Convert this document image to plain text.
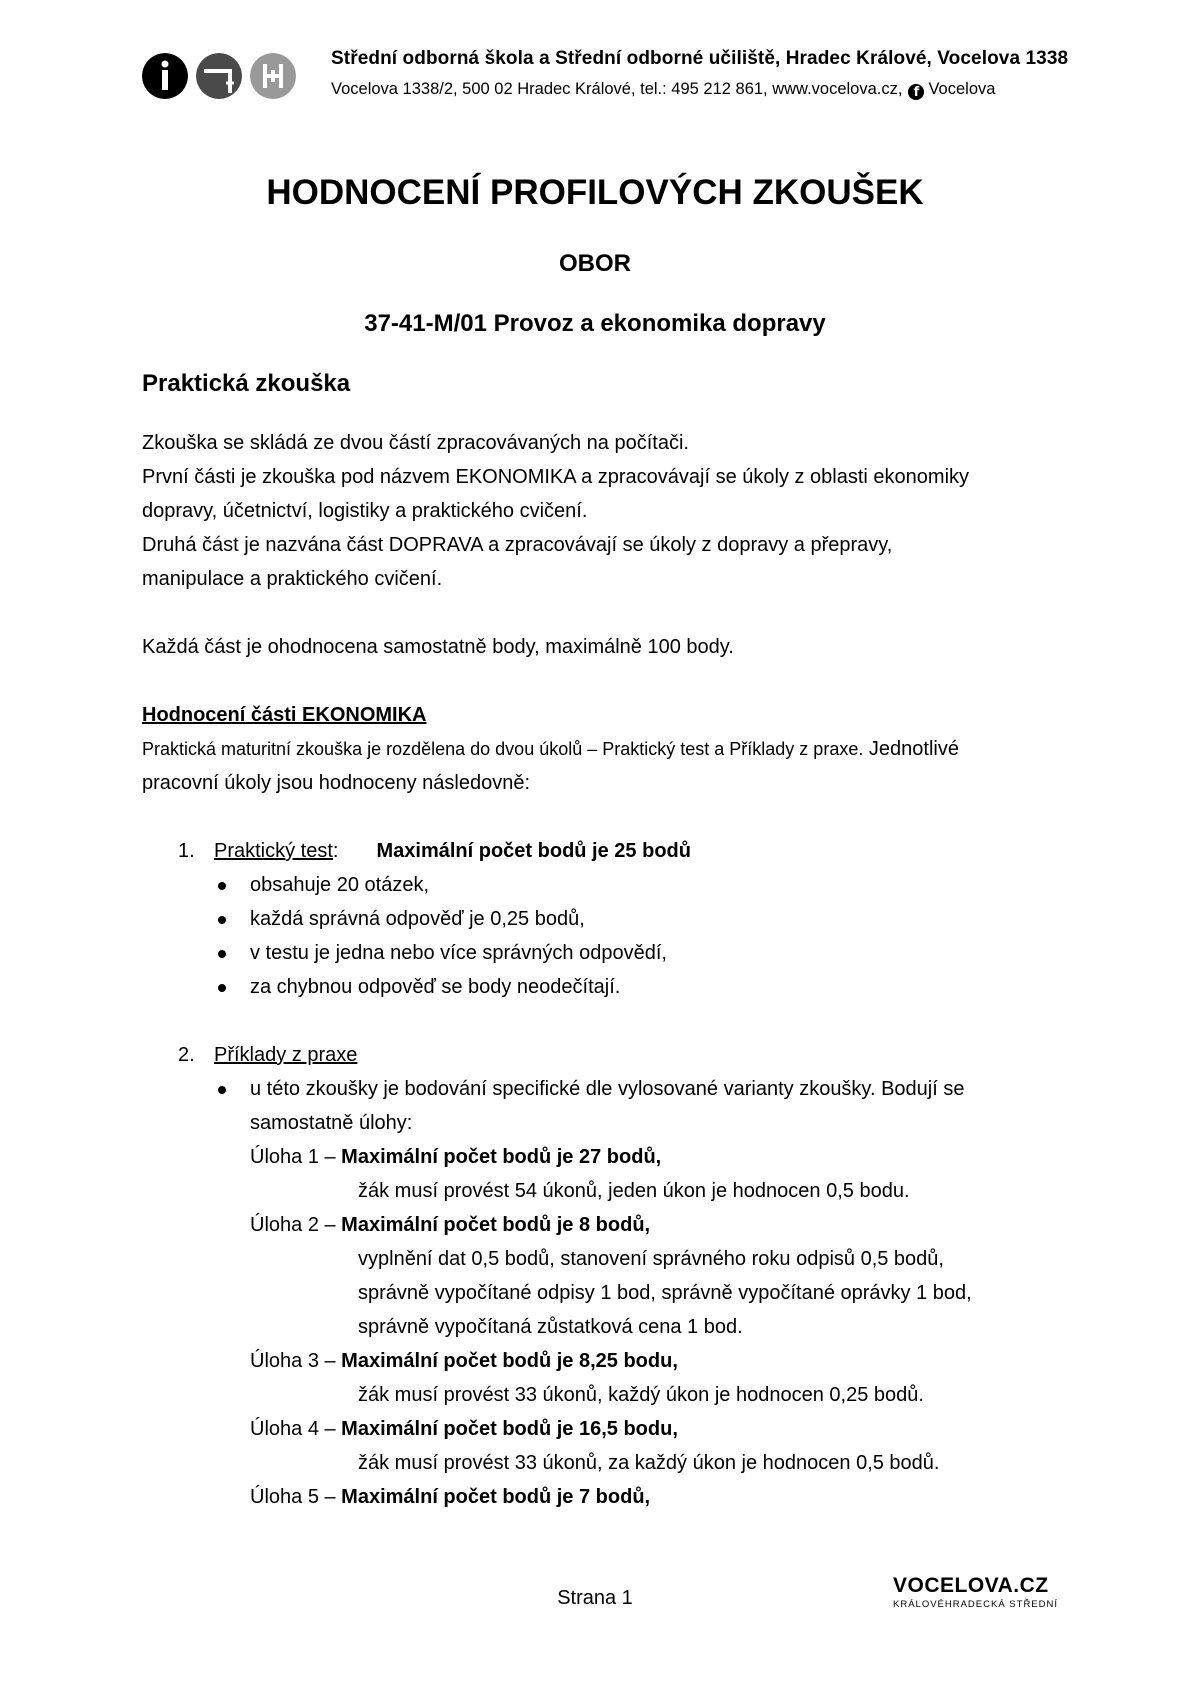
Střední odborná škola a Střední odborné učiliště, Hradec Králové, Vocelova 1338
Vocelova 1338/2, 500 02 Hradec Králové, tel.: 495 212 861, www.vocelova.cz, f Vocelova
HODNOCENÍ PROFILOVÝCH ZKOUŠEK
OBOR
37-41-M/01 Provoz a ekonomika dopravy
Praktická zkouška

Zkouška se skládá ze dvou částí zpracovávaných na počítači.

První části je zkouška pod názvem EKONOMIKA a zpracovávají se úkoly z oblasti ekonomiky

dopravy, účetnictví, logistiky a praktického cvičení.

Druhá část je nazvána část DOPRAVA a zpracovávají se úkoly z dopravy a přepravy,

manipulace a praktického cvičení.

Každá část je ohodnocena samostatně body, maximálně 100 body.

Hodnocení části EKONOMIKA

Praktická maturitní zkouška je rozdělena do dvou úkolů – Praktický test a Příklady z praxe. Jednotlivé

pracovní úkoly jsou hodnoceny následovně:

1. Praktický test: Maximální počet bodů je 25 bodů
obsahuje 20 otázek,
každá správná odpověď je 0,25 bodů,
v testu je jedna nebo více správných odpovědí,
za chybnou odpověď se body neodečítají.
2. Příklady z praxe
u této zkoušky je bodování specifické dle vylosované varianty zkoušky. Bodují se

samostatně úlohy:

Úloha 1 – Maximální počet bodů je 27 bodů,

žák musí provést 54 úkonů, jeden úkon je hodnocen 0,5 bodu.

Úloha 2 – Maximální počet bodů je 8 bodů,

vyplnění dat 0,5 bodů, stanovení správného roku odpisů 0,5 bodů,

správně vypočítané odpisy 1 bod, správně vypočítané oprávky 1 bod,

správně vypočítaná zůstatková cena 1 bod.

Úloha 3 – Maximální počet bodů je 8,25 bodu,

žák musí provést 33 úkonů, každý úkon je hodnocen 0,25 bodů.

Úloha 4 – Maximální počet bodů je 16,5 bodu,

žák musí provést 33 úkonů, za každý úkon je hodnocen 0,5 bodů.

Úloha 5 – Maximální počet bodů je 7 bodů,

Strana 1
VOCELOVA.CZ
KRÁLOVÉHRADECKÁ STŘEDNÍ
